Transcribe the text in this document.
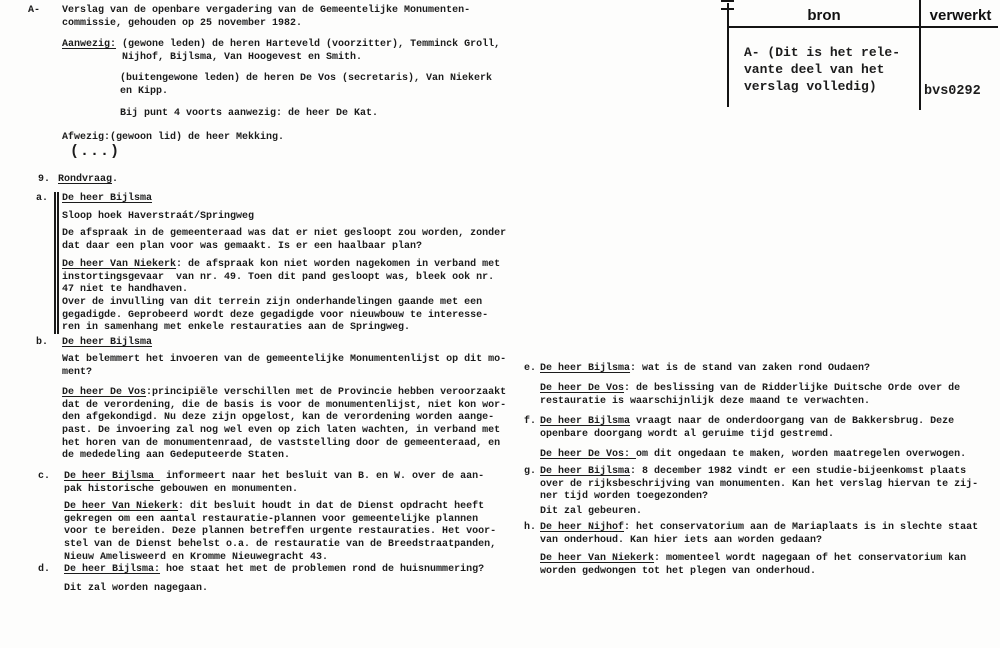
bron	verwerkt
A- (Dit is het rele-
vante deel van het
verslag volledig)	bvs0292
A- Verslag van de openbare vergadering van de Gemeentelijke Monumenten-
commissie, gehouden op 25 november 1982.
Aanwezig: (gewone leden) de heren Harteveld (voorzitter), Temminck Groll,
Nijhof, Bijlsma, Van Hoogevest en Smith.
(buitengewone leden) de heren De Vos (secretaris), Van Niekerk
en Kipp.
Bij punt 4 voorts aanwezig: de heer De Kat.
Afwezig:(gewoon lid) de heer Mekking.
(...)
9. Rondvraag.
a. De heer Bijlsma
Sloop hoek Haverstraát/Springweg
De afspraak in de gemeenteraad was dat er niet gesloopt zou worden, zonder
dat daar een plan voor was gemaakt. Is er een haalbaar plan?
De heer Van Niekerk: de afspraak kon niet worden nagekomen in verband met
instortingsgevaar  van nr. 49. Toen dit pand gesloopt was, bleek ook nr.
47 niet te handhaven.
Over de invulling van dit terrein zijn onderhandelingen gaande met een
gegadigde. Geprobeerd wordt deze gegadigde voor nieuwbouw te interesse-
ren in samenhang met enkele restauraties aan de Springweg.
b. De heer Bijlsma
Wat belemmert het invoeren van de gemeentelijke Monumentenlijst op dit mo-
ment?
De heer De Vos:principiële verschillen met de Provincie hebben veroorzaakt
dat de verordening, die de basis is voor de monumentenlijst, niet kon wor-
den afgekondigd. Nu deze zijn opgelost, kan de verordening worden aange-
past. De invoering zal nog wel even op zich laten wachten, in verband met
het horen van de monumentenraad, de vaststelling door de gemeenteraad, en
de mededeling aan Gedeputeerde Staten.
c. De heer Bijlsma  informeert naar het besluit van B. en W. over de aan-
pak historische gebouwen en monumenten.
De heer Van Niekerk: dit besluit houdt in dat de Dienst opdracht heeft
gekregen om een aantal restauratie-plannen voor gemeentelijke plannen
voor te bereiden. Deze plannen betreffen urgente restauraties. Het voor-
stel van de Dienst behelst o.a. de restauratie van de Breedstraatpanden,
Nieuw Amelisweerd en Kromme Nieuwegracht 43.
d. De heer Bijlsma: hoe staat het met de problemen rond de huisnummering?
Dit zal worden nagegaan.
e. De heer Bijlsma: wat is de stand van zaken rond Oudaen?
De heer De Vos: de beslissing van de Ridderlijke Duitsche Orde over de
restauratie is waarschijnlijk deze maand te verwachten.
f. De heer Bijlsma vraagt naar de onderdoorgang van de Bakkersbrug. Deze
openbare doorgang wordt al geruime tijd gestremd.
De heer De Vos: om dit ongedaan te maken, worden maatregelen overwogen.
g. De heer Bijlsma: 8 december 1982 vindt er een studie-bijeenkomst plaats
over de rijksbeschrijving van monumenten. Kan het verslag hiervan te zij-
ner tijd worden toegezonden?
Dit zal gebeuren.
h. De heer Nijhof: het conservatorium aan de Mariaplaats is in slechte staat
van onderhoud. Kan hier iets aan worden gedaan?
De heer Van Niekerk: momenteel wordt nagegaan of het conservatorium kan
worden gedwongen tot het plegen van onderhoud.
